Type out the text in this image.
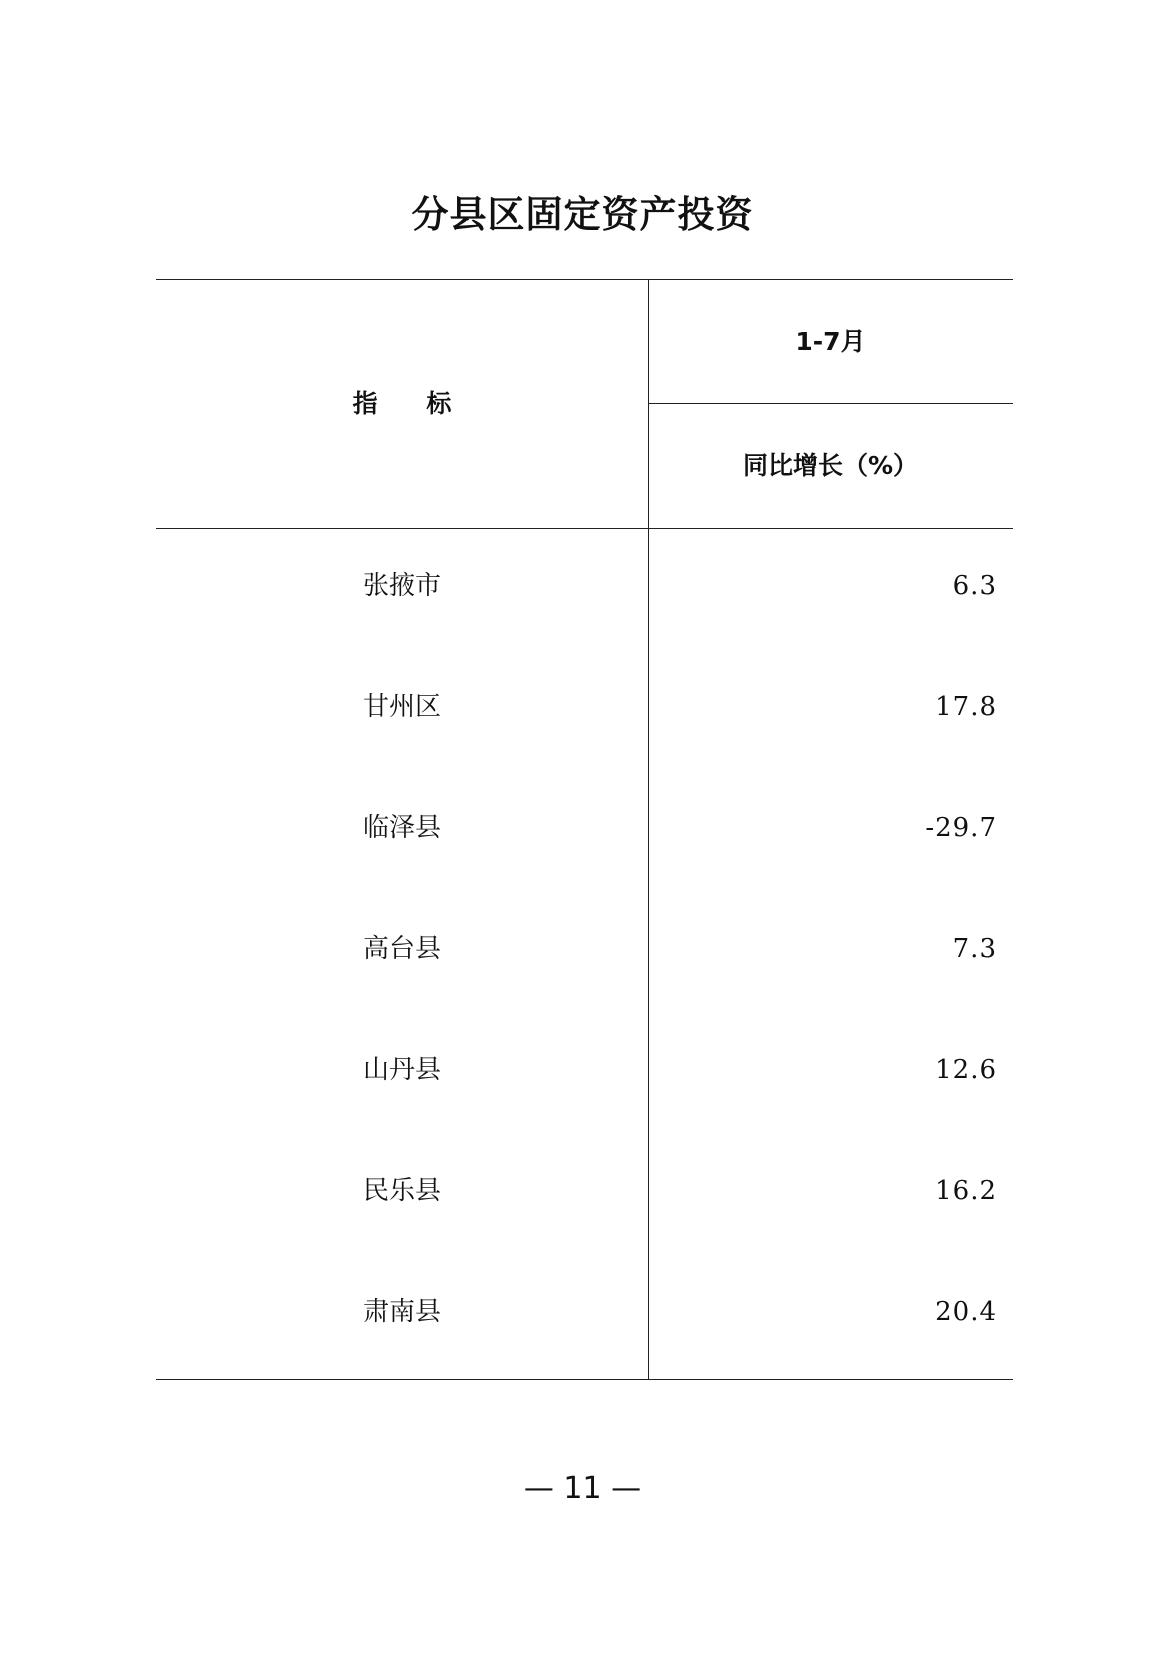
分县区固定资产投资
指 标
1-7月
同比增长（%）
张掖市	6.3
甘州区	17.8
临泽县	-29.7
高台县	7.3
山丹县	12.6
民乐县	16.2
肃南县	20.4
— 11 —
